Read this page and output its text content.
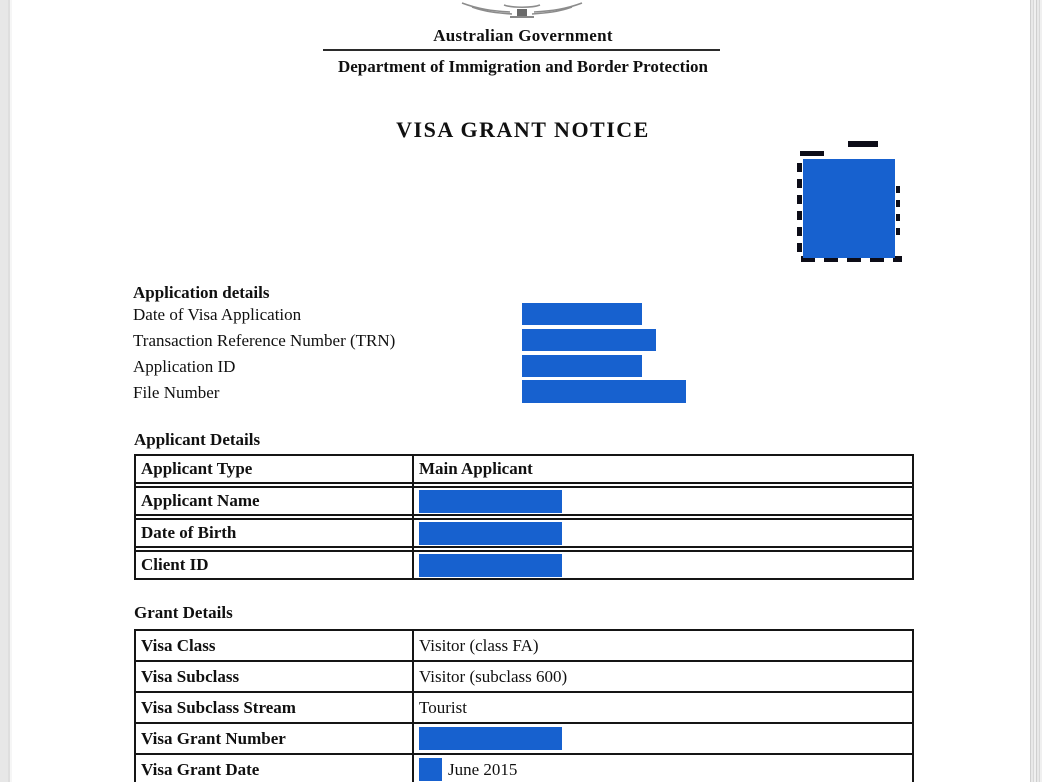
Australian Government
Department of Immigration and Border Protection
VISA GRANT NOTICE
Application details
Date of Visa Application
Transaction Reference Number (TRN)
Application ID
File Number
Applicant Details
Applicant Type	Main Applicant
Applicant Name
Date of Birth
Client ID
Grant Details
Visa Class	Visitor (class FA)
Visa Subclass	Visitor (subclass 600)
Visa Subclass Stream	Tourist
Visa Grant Number
Visa Grant Date	June 2015
